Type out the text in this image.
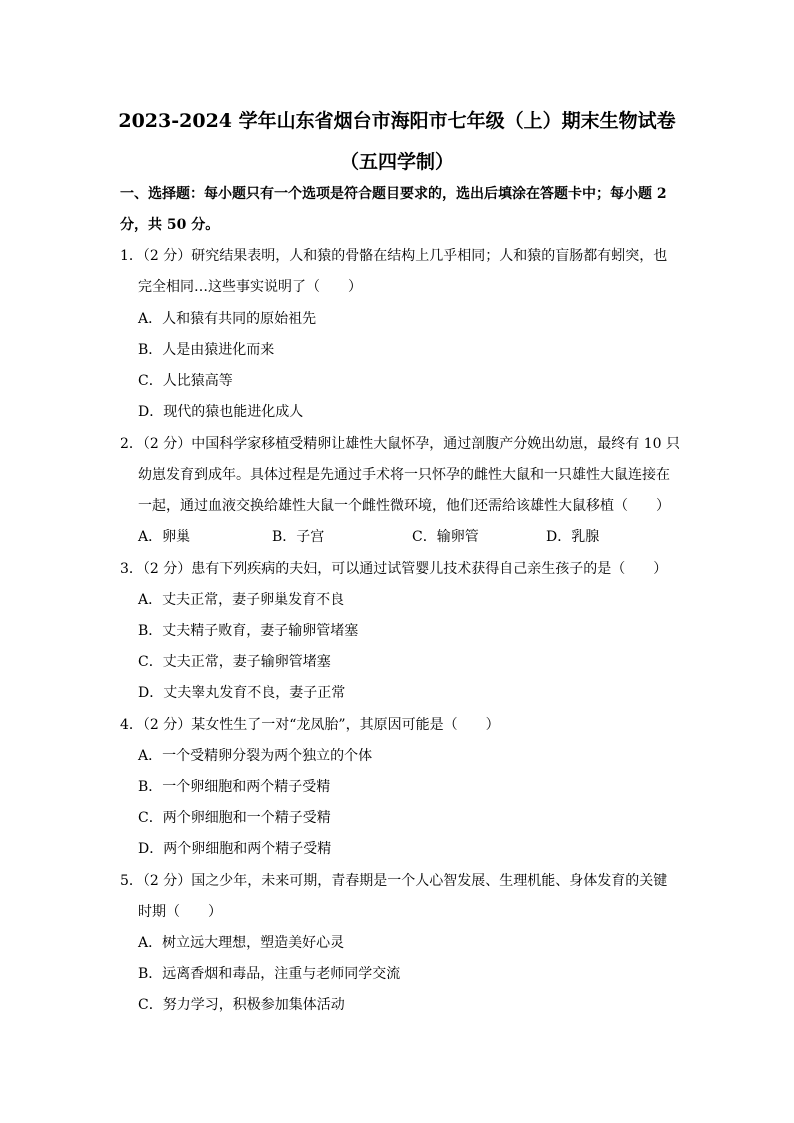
2023-2024 学年山东省烟台市海阳市七年级（上）期末生物试卷
（五四学制）
一、选择题：每小题只有一个选项是符合题目要求的，选出后填涂在答题卡中；每小题 2
分，共 50 分。
1．（2 分）研究结果表明，人和猿的骨骼在结构上几乎相同；人和猿的盲肠都有蚓突，也
完全相同…这些事实说明了（　　）
A．人和猿有共同的原始祖先
B．人是由猿进化而来
C．人比猿高等
D．现代的猿也能进化成人
2．（2 分）中国科学家移植受精卵让雄性大鼠怀孕，通过剖腹产分娩出幼崽，最终有 10 只
幼崽发育到成年。具体过程是先通过手术将一只怀孕的雌性大鼠和一只雄性大鼠连接在
一起，通过血液交换给雄性大鼠一个雌性微环境，他们还需给该雄性大鼠移植（　　）
A．卵巢	B．子宫	C．输卵管	D．乳腺
3．（2 分）患有下列疾病的夫妇，可以通过试管婴儿技术获得自己亲生孩子的是（　　）
A．丈夫正常，妻子卵巢发育不良
B．丈夫精子败育，妻子输卵管堵塞
C．丈夫正常，妻子输卵管堵塞
D．丈夫睾丸发育不良，妻子正常
4．（2 分）某女性生了一对“龙凤胎”，其原因可能是（　　）
A．一个受精卵分裂为两个独立的个体
B．一个卵细胞和两个精子受精
C．两个卵细胞和一个精子受精
D．两个卵细胞和两个精子受精
5．（2 分）国之少年，未来可期，青春期是一个人心智发展、生理机能、身体发育的关键
时期（　　）
A．树立远大理想，塑造美好心灵
B．远离香烟和毒品，注重与老师同学交流
C．努力学习，积极参加集体活动
